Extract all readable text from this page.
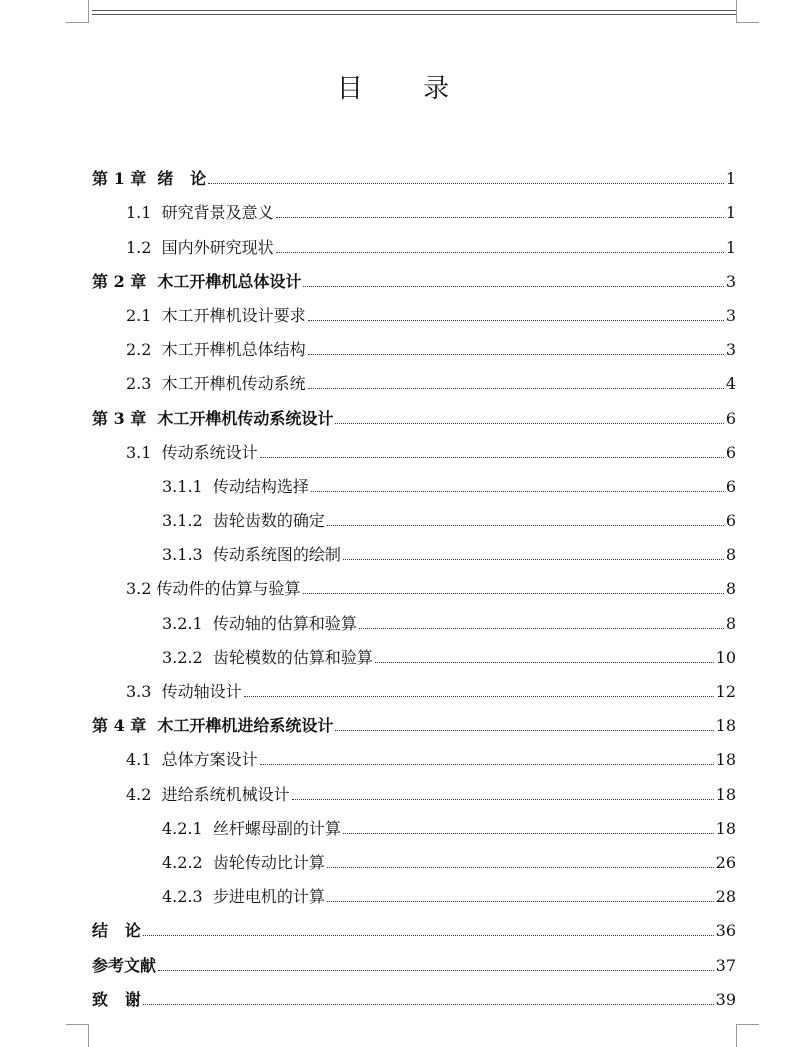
目 录
第 1 章  绪   论	1
1.1  研究背景及意义	1
1.2  国内外研究现状	1
第 2 章  木工开榫机总体设计	3
2.1  木工开榫机设计要求	3
2.2  木工开榫机总体结构	3
2.3  木工开榫机传动系统	4
第 3 章  木工开榫机传动系统设计	6
3.1  传动系统设计	6
3.1.1  传动结构选择	6
3.1.2  齿轮齿数的确定	6
3.1.3  传动系统图的绘制	8
3.2 传动件的估算与验算	8
3.2.1  传动轴的估算和验算	8
3.2.2  齿轮模数的估算和验算	10
3.3  传动轴设计	12
第 4 章  木工开榫机进给系统设计	18
4.1  总体方案设计	18
4.2  进给系统机械设计	18
4.2.1  丝杆螺母副的计算	18
4.2.2  齿轮传动比计算	26
4.2.3  步进电机的计算	28
结   论	36
参考文献	37
致   谢	39
